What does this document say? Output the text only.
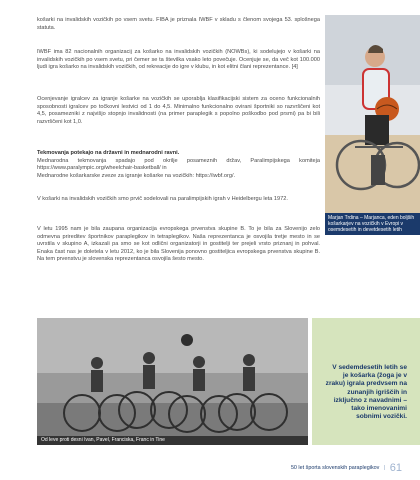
košarki na invalidskih vozičkih po vsem svetu. FIBA je priznala IWBF v skladu s členom svojega 53. splošnega statuta.

IWBF ima 82 nacionalnih organizacij za košarko na invalidskih vozičkih (NOWBs), ki sodelujejo v košarki na invalidskih vozičkih po vsem svetu, pri čemer se ta številka vsako leto povečuje. Ocenjuje se, da več kot 100.000 ljudi igra košarko na invalidskih vozičkih, od rekreacije do igre v klubu, in kot elitni člani reprezentance. [4]

Ocenjevanje igralcev za igranje košarke na vozičkih se uporablja klasifikacijski sistem za oceno funkcionalnih sposobnosti igralcev po točkovni lestvici od 1 do 4,5. Minimalno funkcionalno ovirani športniki so razvrščeni kot 4,5, posamezniki z najvišjo stopnjo invalidnosti (na primer paraplegik s popolno poškodbo pod prsmi) pa bi bili razvrščeni kot 1,0.

Tekmovanja potekajo na državni in mednarodni ravni.

Mednarodna tekmovanja spadajo pod okrilje posameznih držav, Paralimpijskega komiteja https://www.paralympic.org/wheelchair-basketball/ in

Mednarodne košarkarske zveze za igranje košarke na vozičkih: https://iwbf.org/.

V košarki na invalidskih vozičkih smo prvič sodelovali na paralimpijskih igrah v Heidelbergu leta 1972.

V letu 1995 nam je bila zaupana organizacija evropskega prvenstva skupine B. To je bila za Slovenijo zelo odmevna prireditev športnikov paraplegikov in tetraplegikov. Naša reprezentanca je osvojila tretje mesto in se uvrstila v skupino A, izkazali pa smo se kot odlični organizatorji in gostitelji ter prejeli vrsto priznanj in pohval. Enaka čast nas je doletela v letu 2012, ko je bila Slovenija ponovno gostiteljica evropskega prvenstva skupine B. Na tem prvenstvu je slovenska reprezentanca osvojila šesto mesto.

Marjan Trdina – Marjanca, eden boljših košarkarjev na vozičkih v Evropi v osemdesetih in devetdesetih letih
Od leve proti desni Ivan, Pavel, Franciska, Franc in Tine
V sedemdesetih letih se je košarka (žoga je v zraku) igrala predvsem na zunanjih igriščih in izključno z navadnimi – tako imenovanimi sobnimi vozički.
50 let športa slovenskih paraplegikov | 61
